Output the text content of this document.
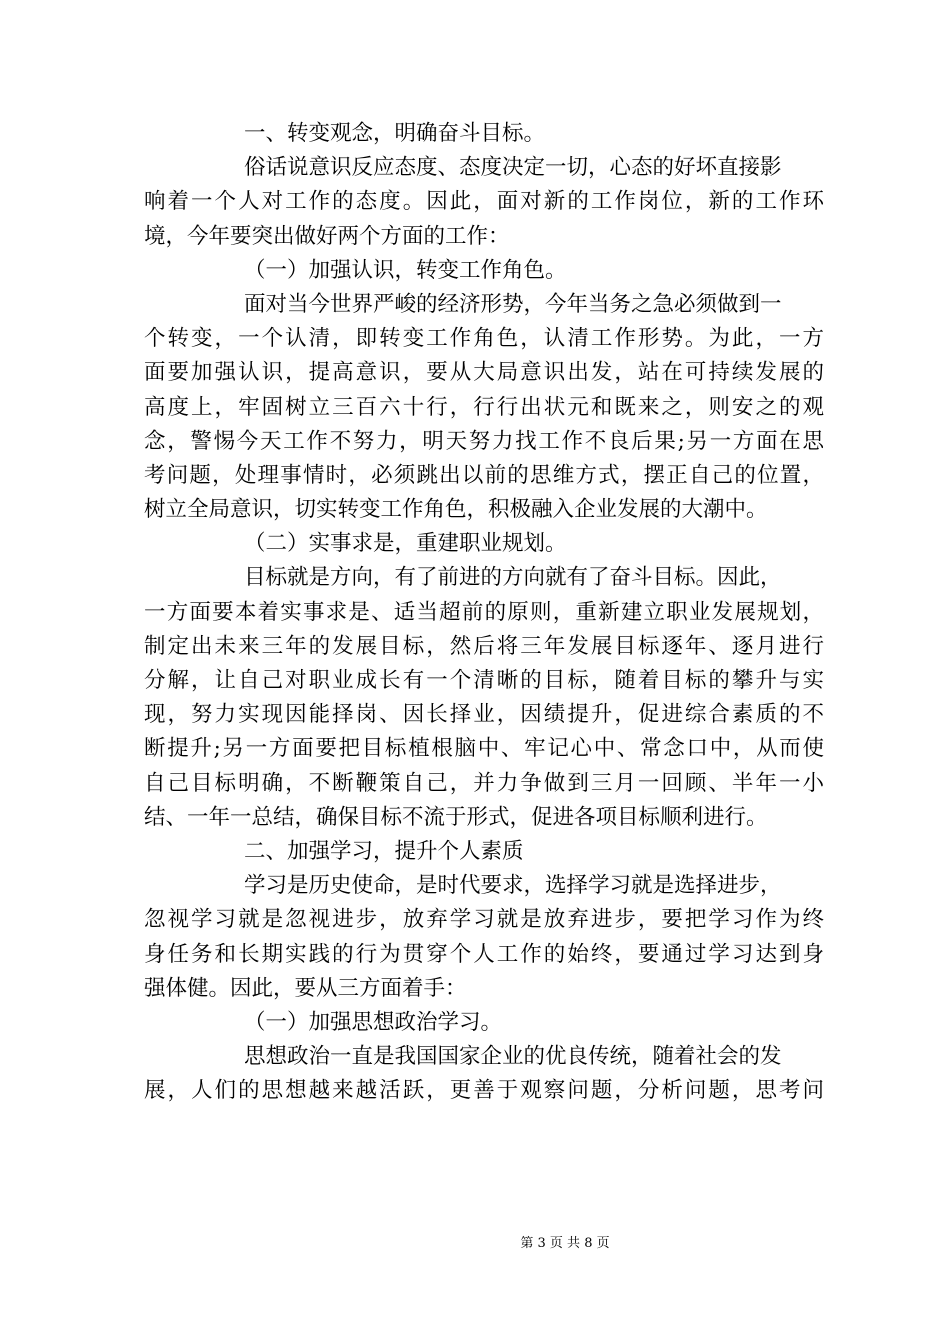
一、转变观念，明确奋斗目标。
俗话说意识反应态度、态度决定一切，心态的好坏直接影
响着一个人对工作的态度。因此，面对新的工作岗位，新的工作环
境，今年要突出做好两个方面的工作：
（一）加强认识，转变工作角色。
面对当今世界严峻的经济形势，今年当务之急必须做到一
个转变，一个认清，即转变工作角色，认清工作形势。为此，一方
面要加强认识，提高意识，要从大局意识出发，站在可持续发展的
高度上，牢固树立三百六十行，行行出状元和既来之，则安之的观
念，警惕今天工作不努力，明天努力找工作不良后果;另一方面在思
考问题，处理事情时，必须跳出以前的思维方式，摆正自己的位置，
树立全局意识，切实转变工作角色，积极融入企业发展的大潮中。
（二）实事求是，重建职业规划。
目标就是方向，有了前进的方向就有了奋斗目标。因此，
一方面要本着实事求是、适当超前的原则，重新建立职业发展规划，
制定出未来三年的发展目标，然后将三年发展目标逐年、逐月进行
分解，让自己对职业成长有一个清晰的目标，随着目标的攀升与实
现，努力实现因能择岗、因长择业，因绩提升，促进综合素质的不
断提升;另一方面要把目标植根脑中、牢记心中、常念口中，从而使
自己目标明确，不断鞭策自己，并力争做到三月一回顾、半年一小
结、一年一总结，确保目标不流于形式，促进各项目标顺利进行。
二、加强学习，提升个人素质
学习是历史使命，是时代要求，选择学习就是选择进步，
忽视学习就是忽视进步，放弃学习就是放弃进步，要把学习作为终
身任务和长期实践的行为贯穿个人工作的始终，要通过学习达到身
强体健。因此，要从三方面着手：
（一）加强思想政治学习。
思想政治一直是我国国家企业的优良传统，随着社会的发
展，人们的思想越来越活跃，更善于观察问题，分析问题，思考问
第 3 页 共 8 页
